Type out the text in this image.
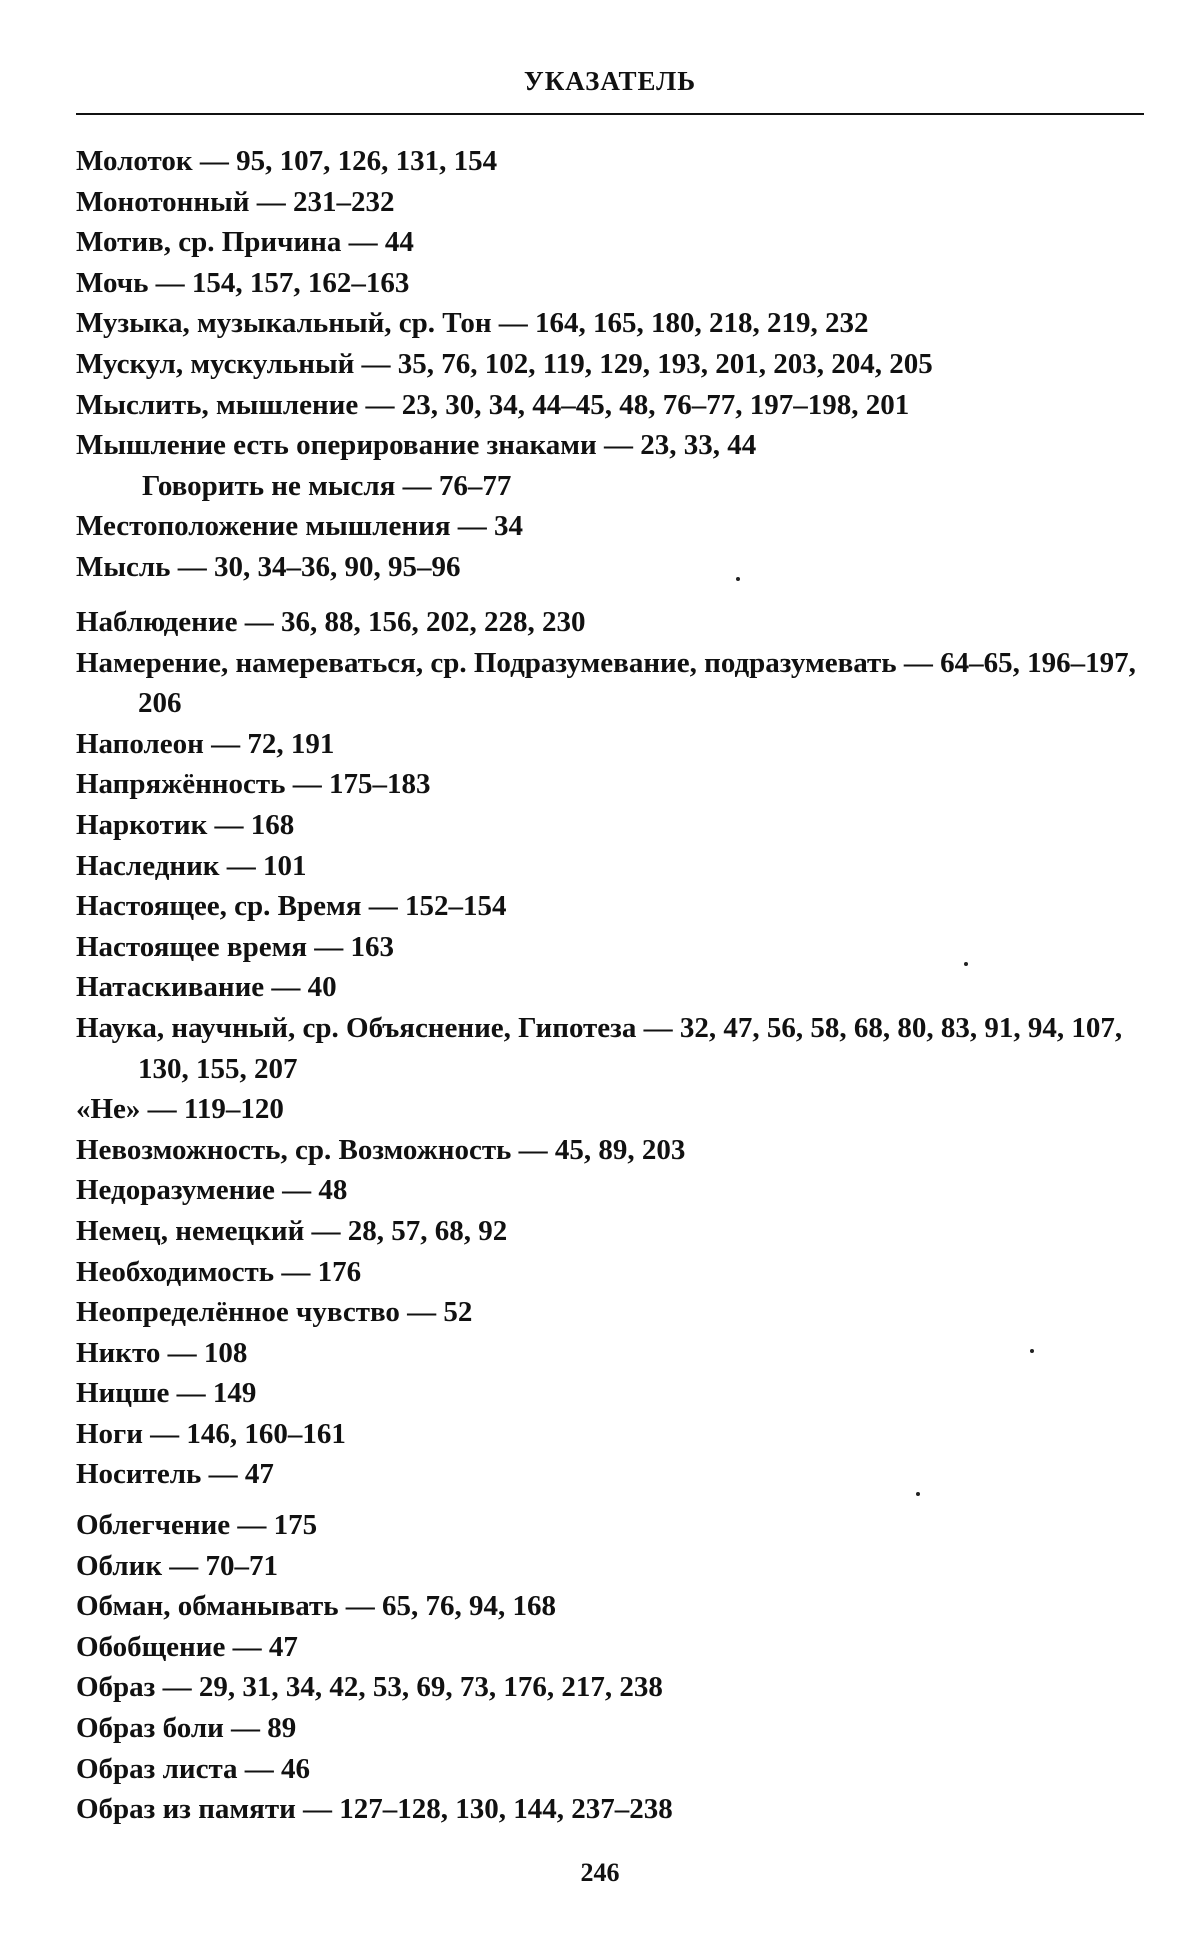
УКАЗАТЕЛЬ
Молоток — 95, 107, 126, 131, 154
Монотонный — 231–232
Мотив, ср. Причина — 44
Мочь — 154, 157, 162–163
Музыка, музыкальный, ср. Тон — 164, 165, 180, 218, 219, 232
Мускул, мускульный — 35, 76, 102, 119, 129, 193, 201, 203, 204, 205
Мыслить, мышление — 23, 30, 34, 44–45, 48, 76–77, 197–198, 201
Мышление есть оперирование знаками — 23, 33, 44
Говорить не мысля — 76–77
Местоположение мышления — 34
Мысль — 30, 34–36, 90, 95–96
Наблюдение — 36, 88, 156, 202, 228, 230
Намерение, намереваться, ср. Подразумевание, подразумевать — 64–65, 196–197, 206
Наполеон — 72, 191
Напряжённость — 175–183
Наркотик — 168
Наследник — 101
Настоящее, ср. Время — 152–154
Настоящее время — 163
Натаскивание — 40
Наука, научный, ср. Объяснение, Гипотеза — 32, 47, 56, 58, 68, 80, 83, 91, 94, 107, 130, 155, 207
«Не» — 119–120
Невозможность, ср. Возможность — 45, 89, 203
Недоразумение — 48
Немец, немецкий — 28, 57, 68, 92
Необходимость — 176
Неопределённое чувство — 52
Никто — 108
Ницше — 149
Ноги — 146, 160–161
Носитель — 47
Облегчение — 175
Облик — 70–71
Обман, обманывать — 65, 76, 94, 168
Обобщение — 47
Образ — 29, 31, 34, 42, 53, 69, 73, 176, 217, 238
Образ боли — 89
Образ листа — 46
Образ из памяти — 127–128, 130, 144, 237–238
246
